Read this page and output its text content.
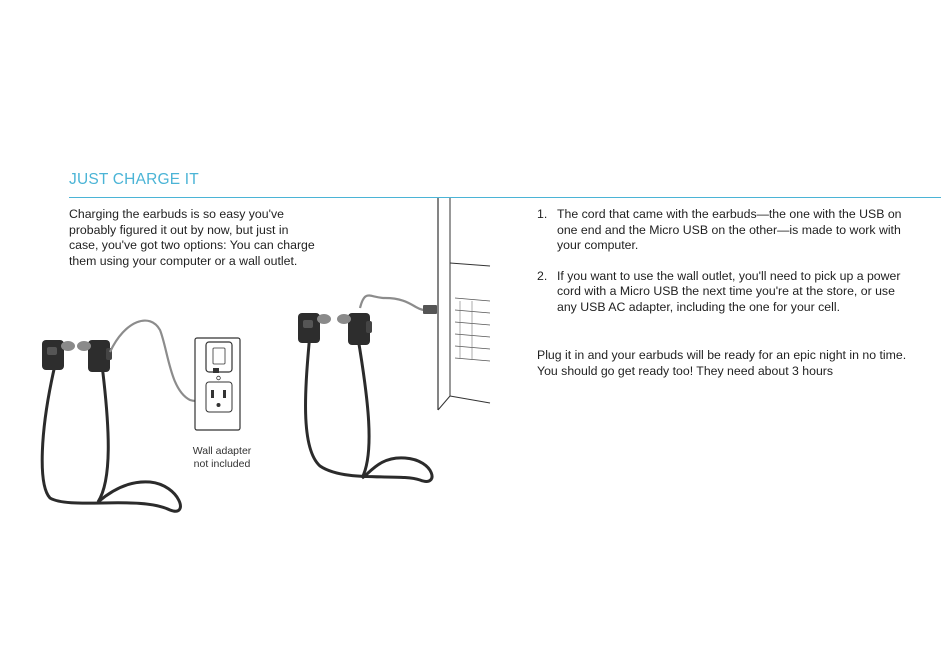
JUST CHARGE IT

Charging the earbuds is so easy you've probably figured it out by now, but just in case, you've got two options: You can charge them using your computer or a wall outlet.

Wall adapter not included
1. The cord that came with the earbuds—the one with the USB on one end and the Micro USB on the other—is made to work with your computer.
2. If you want to use the wall outlet, you'll need to pick up a power cord with a Micro USB the next time you're at the store, or use any USB AC adapter, including the one for your cell.

Plug it in and your earbuds will be ready for an epic night in no time. You should go get ready too! They need about 3 hours
